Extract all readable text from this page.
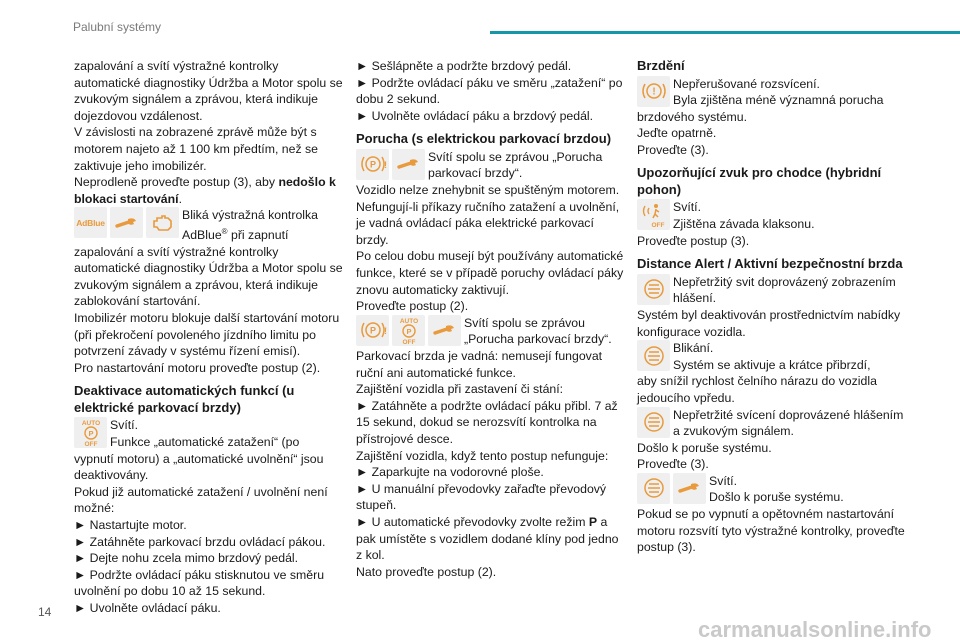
Palubní systémy

zapalování a svítí výstražné kontrolky automatické diagnostiky Údržba a Motor spolu se zvukovým signálem a zprávou, která indikuje dojezdovou vzdálenost.

V závislosti na zobrazené zprávě může být s motorem najeto až 1 100 km předtím, než se zaktivuje jeho imobilizér.

Neprodleně proveďte postup (3), aby nedošlo k blokaci startování.

AdBlue
Bliká výstražná kontrolka AdBlue® při zapnutí

zapalování a svítí výstražné kontrolky automatické diagnostiky Údržba a Motor spolu se zvukovým signálem a zprávou, která indikuje zablokování startování.

Imobilizér motoru blokuje další startování motoru (při překročení povoleného jízdního limitu po potvrzení závady v systému řízení emisí).

Pro nastartování motoru proveďte postup (2).

Deaktivace automatických funkcí (u elektrické parkovací brzdy)
AUTO
P
OFF
Svítí.
Funkce „automatické zatažení“ (po

vypnutí motoru) a „automatické uvolnění“ jsou deaktivovány.

Pokud již automatické zatažení / uvolnění není možné:

► Nastartujte motor.

► Zatáhněte parkovací brzdu ovládací pákou.

► Dejte nohu zcela mimo brzdový pedál.

► Podržte ovládací páku stisknutou ve směru uvolnění po dobu 10 až 15 sekund.

► Uvolněte ovládací páku.

► Sešlápněte a podržte brzdový pedál.

► Podržte ovládací páku ve směru „zatažení“ po dobu 2 sekund.

► Uvolněte ovládací páku a brzdový pedál.

Porucha (s elektrickou parkovací brzdou)
P !
Svítí spolu se zprávou „Porucha parkovací brzdy“.

Vozidlo nelze znehybnit se spuštěným motorem. Nefungují-li příkazy ručního zatažení a uvolnění, je vadná ovládací páka elektrické parkovací brzdy.

Po celou dobu musejí být používány automatické funkce, které se v případě poruchy ovládací páky znovu automaticky zaktivují.

Proveďte postup (2).

P !
AUTO
P
OFF
Svítí spolu se zprávou „Porucha parkovací brzdy“.

Parkovací brzda je vadná: nemusejí fungovat ruční ani automatické funkce.

Zajištění vozidla při zastavení či stání:

► Zatáhněte a podržte ovládací páku přibl. 7 až 15 sekund, dokud se nerozsvítí kontrolka na přístrojové desce.

Zajištění vozidla, když tento postup nefunguje:

► Zaparkujte na vodorovné ploše.

► U manuální převodovky zařaďte převodový stupeň.

► U automatické převodovky zvolte režim P a pak umístěte s vozidlem dodané klíny pod jedno z kol.

Nato proveďte postup (2).

Brzdění
!
Nepřerušované rozsvícení.
Byla zjištěna méně významná porucha

brzdového systému.

Jeďte opatrně.

Proveďte (3).

Upozorňující zvuk pro chodce (hybridní pohon)
OFF
Svítí.
Zjištěna závada klaksonu.

Proveďte postup (3).

Distance Alert / Aktivní bezpečnostní brzda
Nepřetržitý svit doprovázený zobrazením hlášení.

Systém byl deaktivován prostřednictvím nabídky konfigurace vozidla.

Blikání.
Systém se aktivuje a krátce přibrzdí,

aby snížil rychlost čelního nárazu do vozidla jedoucího vpředu.

Nepřetržité svícení doprovázené hlášením a zvukovým signálem.

Došlo k poruše systému.

Proveďte (3).

Svítí.
Došlo k poruše systému.

Pokud se po vypnutí a opětovném nastartování motoru rozsvítí tyto výstražné kontrolky, proveďte postup (3).

14
carmanualsonline.info
